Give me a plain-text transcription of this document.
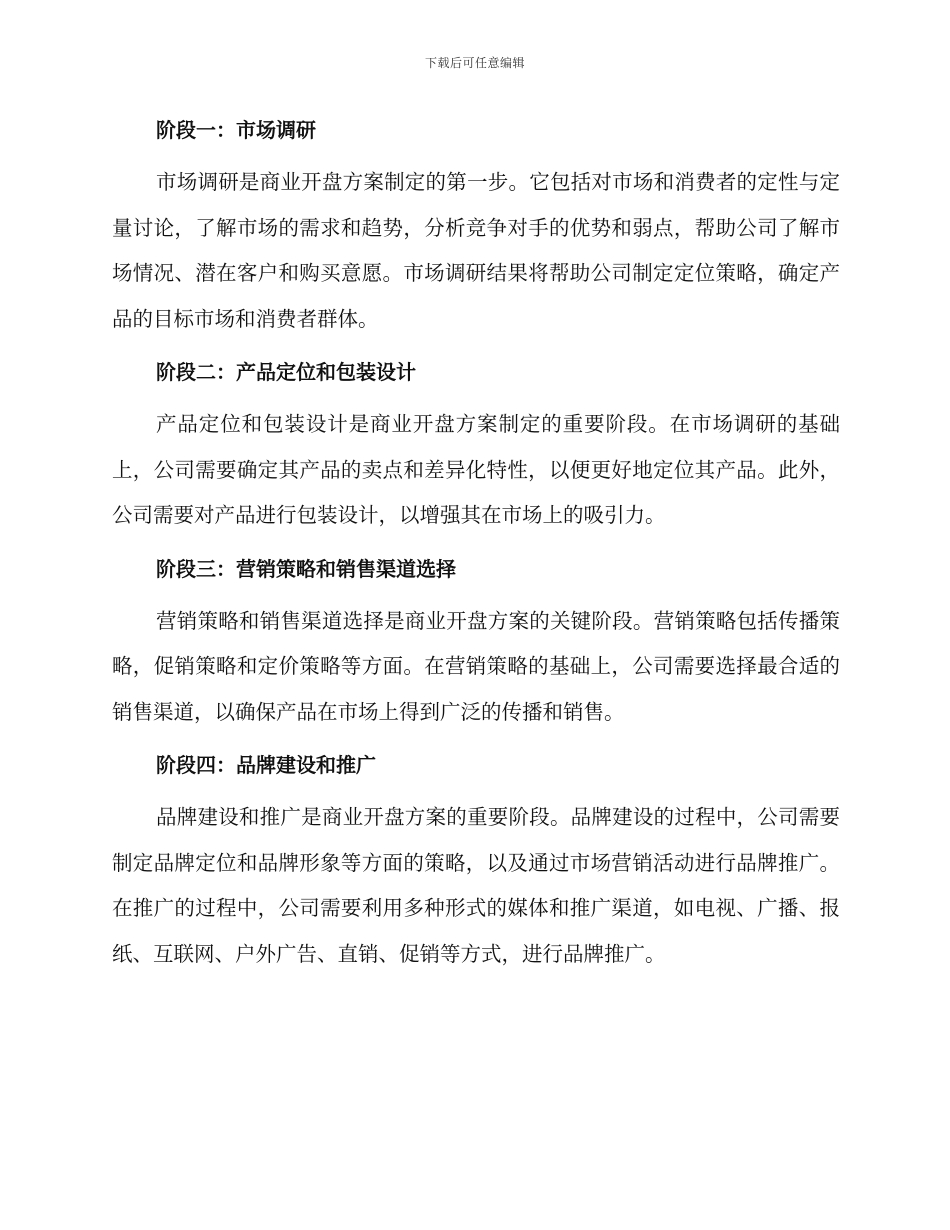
下载后可任意编辑
阶段一：市场调研

市场调研是商业开盘方案制定的第一步。它包括对市场和消费者的定性与定量讨论，了解市场的需求和趋势，分析竞争对手的优势和弱点，帮助公司了解市场情况、潜在客户和购买意愿。市场调研结果将帮助公司制定定位策略，确定产品的目标市场和消费者群体。

阶段二：产品定位和包装设计

产品定位和包装设计是商业开盘方案制定的重要阶段。在市场调研的基础上，公司需要确定其产品的卖点和差异化特性，以便更好地定位其产品。此外，公司需要对产品进行包装设计，以增强其在市场上的吸引力。

阶段三：营销策略和销售渠道选择

营销策略和销售渠道选择是商业开盘方案的关键阶段。营销策略包括传播策略，促销策略和定价策略等方面。在营销策略的基础上，公司需要选择最合适的销售渠道，以确保产品在市场上得到广泛的传播和销售。

阶段四：品牌建设和推广

品牌建设和推广是商业开盘方案的重要阶段。品牌建设的过程中，公司需要制定品牌定位和品牌形象等方面的策略，以及通过市场营销活动进行品牌推广。在推广的过程中，公司需要利用多种形式的媒体和推广渠道，如电视、广播、报纸、互联网、户外广告、直销、促销等方式，进行品牌推广。
